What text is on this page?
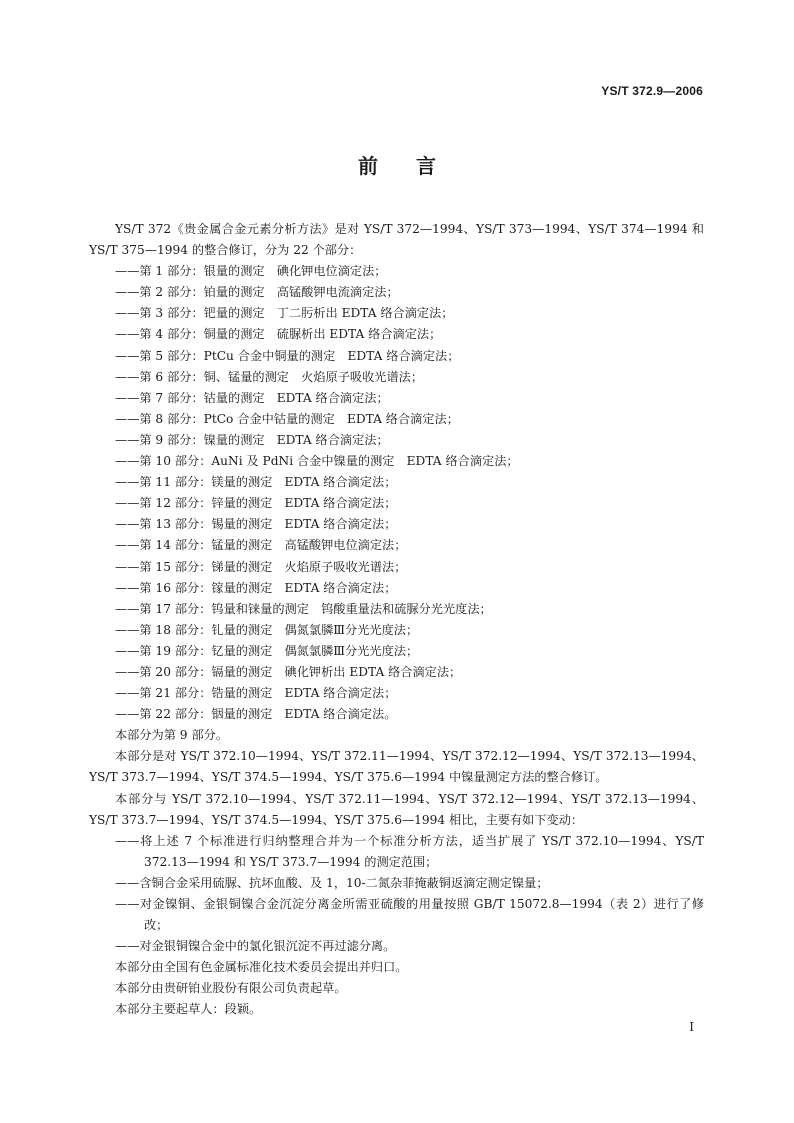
YS/T 372.9—2006
前言

YS/T 372《贵金属合金元素分析方法》是对 YS/T 372—1994、YS/T 373—1994、YS/T 374—1994 和 YS/T 375—1994 的整合修订，分为 22 个部分：

——第 1 部分：银量的测定　碘化钾电位滴定法；

——第 2 部分：铂量的测定　高锰酸钾电流滴定法；

——第 3 部分：钯量的测定　丁二肟析出 EDTA 络合滴定法；

——第 4 部分：铜量的测定　硫脲析出 EDTA 络合滴定法；

——第 5 部分：PtCu 合金中铜量的测定　EDTA 络合滴定法；

——第 6 部分：铜、锰量的测定　火焰原子吸收光谱法；

——第 7 部分：钴量的测定　EDTA 络合滴定法；

——第 8 部分：PtCo 合金中钴量的测定　EDTA 络合滴定法；

——第 9 部分：镍量的测定　EDTA 络合滴定法；

——第 10 部分：AuNi 及 PdNi 合金中镍量的测定　EDTA 络合滴定法；

——第 11 部分：镁量的测定　EDTA 络合滴定法；

——第 12 部分：锌量的测定　EDTA 络合滴定法；

——第 13 部分：锡量的测定　EDTA 络合滴定法；

——第 14 部分：锰量的测定　高锰酸钾电位滴定法；

——第 15 部分：锑量的测定　火焰原子吸收光谱法；

——第 16 部分：镓量的测定　EDTA 络合滴定法；

——第 17 部分：钨量和铼量的测定　钨酸重量法和硫脲分光光度法；

——第 18 部分：钆量的测定　偶氮氯膦Ⅲ分光光度法；

——第 19 部分：钇量的测定　偶氮氯膦Ⅲ分光光度法；

——第 20 部分：镉量的测定　碘化钾析出 EDTA 络合滴定法；

——第 21 部分：锆量的测定　EDTA 络合滴定法；

——第 22 部分：铟量的测定　EDTA 络合滴定法。

本部分为第 9 部分。

本部分是对 YS/T 372.10—1994、YS/T 372.11—1994、YS/T 372.12—1994、YS/T 372.13—1994、YS/T 373.7—1994、YS/T 374.5—1994、YS/T 375.6—1994 中镍量测定方法的整合修订。

本部分与 YS/T 372.10—1994、YS/T 372.11—1994、YS/T 372.12—1994、YS/T 372.13—1994、YS/T 373.7—1994、YS/T 374.5—1994、YS/T 375.6—1994 相比，主要有如下变动：

——将上述 7 个标准进行归纳整理合并为一个标准分析方法，适当扩展了 YS/T 372.10—1994、YS/T 372.13—1994 和 YS/T 373.7—1994 的测定范围；

——含铜合金采用硫脲、抗坏血酸、及 1，10-二氮杂菲掩蔽铜返滴定测定镍量；

——对金镍铜、金银铜镍合金沉淀分离金所需亚硫酸的用量按照 GB/T 15072.8—1994（表 2）进行了修改；

——对金银铜镍合金中的氯化银沉淀不再过滤分离。

本部分由全国有色金属标准化技术委员会提出并归口。

本部分由贵研铂业股份有限公司负责起草。

本部分主要起草人：段颖。

I
